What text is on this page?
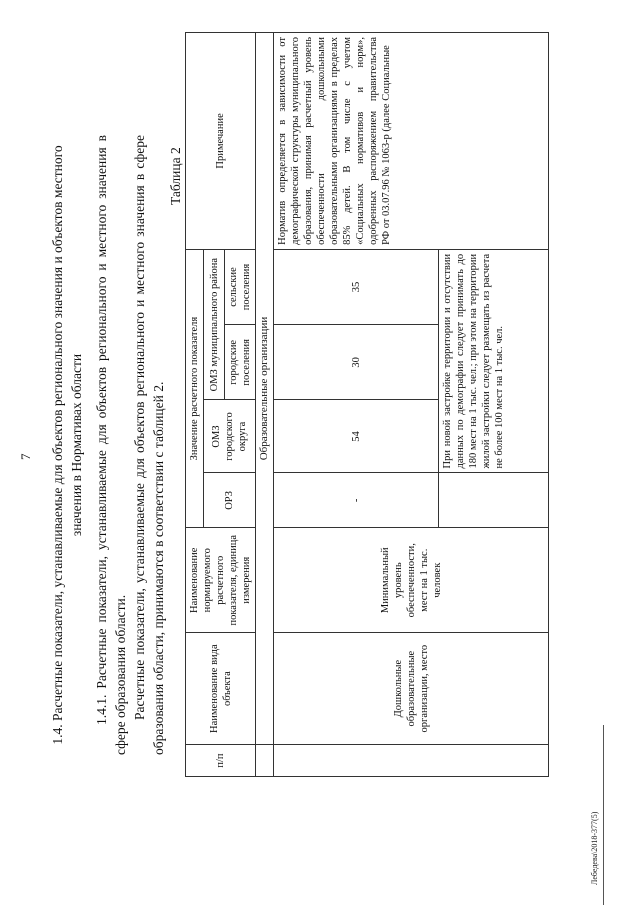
7 1.4. Расчетные показатели, устанавливаемые для объектов регионального значения и объектов местного значения в Нормативах области 1.4.1. Расчетные показатели, устанавливаемые для объектов регионального и местного значения в сфере образования области. Расчетные показатели, устанавливаемые для объектов регионального и местного значения в сфере образования области, принимаются в соответствии с таблицей 2.
Таблица 2
п/п	Наименование вида объекта	Наименование нормируемого расчетного показателя, единица измерения	Значение расчетного показателя				Примечание
			ОРЗ	ОМЗ городского округа	ОМЗ муниципального района		
					городские поселения	сельские поселения	
	Образовательные организации						
	Дошкольные образовательные организации, место	Минимальный уровень обеспеченности, мест на 1 тыс. человек	-	54	30	35	Норматив определяется в зависимости от демографической структуры муниципального образования, принимая расчетный уровень обеспеченности дошкольными образовательными организациями в пределах 85% детей. В том числе с учетом «Социальных нормативов и норм», одобренных распоряжением правительства РФ от 03.07.96 № 1063-р (далее Социальные
				При новой застройке территории и отсутствии данных по демографии следует принимать до 180 мест на 1 тыс. чел.; при этом на территории жилой застройки следует размещать из расчета не более 100 мест на 1 тыс. чел.			
Лебедева\2018-377(5)
